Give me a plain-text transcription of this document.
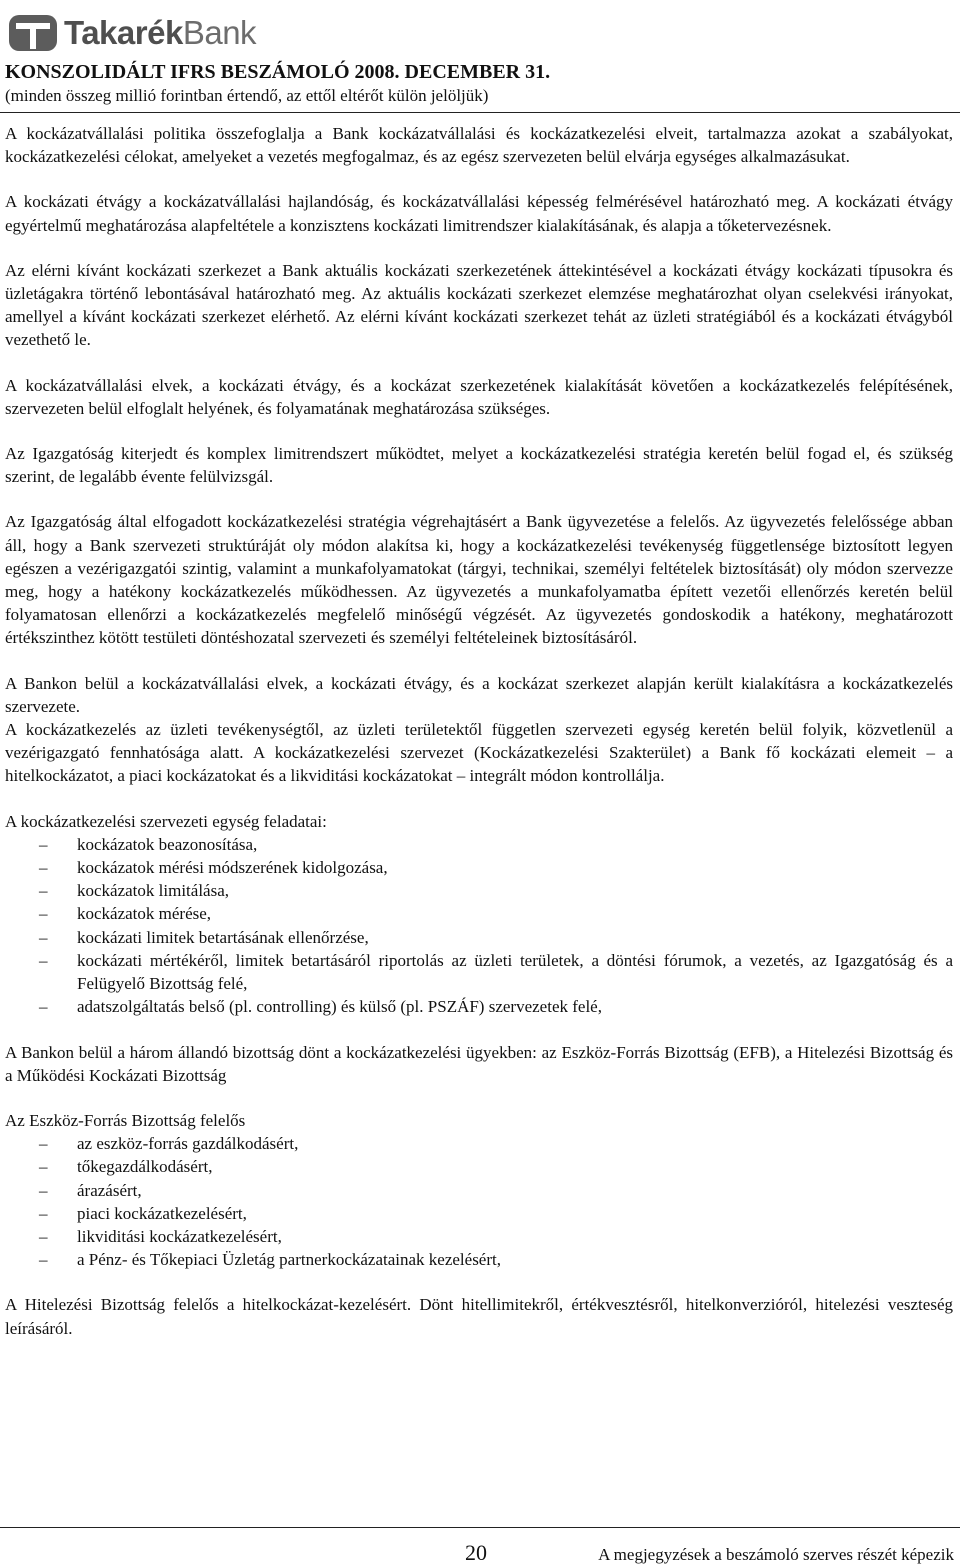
TakarékBank
KONSZOLIDÁLT IFRS BESZÁMOLÓ 2008. DECEMBER 31.
(minden összeg millió forintban értendő, az ettől eltérőt külön jelöljük)

A kockázatvállalási politika összefoglalja a Bank kockázatvállalási és kockázatkezelési elveit, tartalmazza azokat a szabályokat, kockázatkezelési célokat, amelyeket a vezetés megfogalmaz, és az egész szervezeten belül elvárja egységes alkalmazásukat.

A kockázati étvágy a kockázatvállalási hajlandóság, és kockázatvállalási képesség felmérésével határozható meg. A kockázati étvágy egyértelmű meghatározása alapfeltétele a konzisztens kockázati limitrendszer kialakításának, és alapja a tőketervezésnek.

Az elérni kívánt kockázati szerkezet a Bank aktuális kockázati szerkezetének áttekintésével a kockázati étvágy kockázati típusokra és üzletágakra történő lebontásával határozható meg. Az aktuális kockázati szerkezet elemzése meghatározhat olyan cselekvési irányokat, amellyel a kívánt kockázati szerkezet elérhető. Az elérni kívánt kockázati szerkezet tehát az üzleti stratégiából és a kockázati étvágyból vezethető le.

A kockázatvállalási elvek, a kockázati étvágy, és a kockázat szerkezetének kialakítását követően a kockázatkezelés felépítésének, szervezeten belül elfoglalt helyének, és folyamatának meghatározása szükséges.

Az Igazgatóság kiterjedt és komplex limitrendszert működtet, melyet a kockázatkezelési stratégia keretén belül fogad el, és szükség szerint, de legalább évente felülvizsgál.

Az Igazgatóság által elfogadott kockázatkezelési stratégia végrehajtásért a Bank ügyvezetése a felelős. Az ügyvezetés felelőssége abban áll, hogy a Bank szervezeti struktúráját oly módon alakítsa ki, hogy a kockázatkezelési tevékenység függetlensége biztosított legyen egészen a vezérigazgatói szintig, valamint a munkafolyamatokat (tárgyi, technikai, személyi feltételek biztosítását) oly módon szervezze meg, hogy a hatékony kockázatkezelés működhessen. Az ügyvezetés a munkafolyamatba épített vezetői ellenőrzés keretén belül folyamatosan ellenőrzi a kockázatkezelés megfelelő minőségű végzését. Az ügyvezetés gondoskodik a hatékony, meghatározott értékszinthez kötött testületi döntéshozatal szervezeti és személyi feltételeinek biztosításáról.

A Bankon belül a kockázatvállalási elvek, a kockázati étvágy, és a kockázat szerkezet alapján került kialakításra a kockázatkezelés szervezete.

A kockázatkezelés az üzleti tevékenységtől, az üzleti területektől független szervezeti egység keretén belül folyik, közvetlenül a vezérigazgató fennhatósága alatt. A kockázatkezelési szervezet (Kockázatkezelési Szakterület) a Bank fő kockázati elemeit – a hitelkockázatot, a piaci kockázatokat és a likviditási kockázatokat – integrált módon kontrollálja.

A kockázatkezelési szervezeti egység feladatai:

– kockázatok beazonosítása,
– kockázatok mérési módszerének kidolgozása,
– kockázatok limitálása,
– kockázatok mérése,
– kockázati limitek betartásának ellenőrzése,
– kockázati mértékéről, limitek betartásáról riportolás az üzleti területek, a döntési fórumok, a vezetés, az Igazgatóság és a Felügyelő Bizottság felé,
– adatszolgáltatás belső (pl. controlling) és külső (pl. PSZÁF) szervezetek felé,

A Bankon belül a három állandó bizottság dönt a kockázatkezelési ügyekben: az Eszköz-Forrás Bizottság (EFB), a Hitelezési Bizottság és a Működési Kockázati Bizottság

Az Eszköz-Forrás Bizottság felelős

– az eszköz-forrás gazdálkodásért,
– tőkegazdálkodásért,
– árazásért,
– piaci kockázatkezelésért,
– likviditási kockázatkezelésért,
– a Pénz- és Tőkepiaci Üzletág partnerkockázatainak kezelésért,

A Hitelezési Bizottság felelős a hitelkockázat-kezelésért. Dönt hitellimitekről, értékvesztésről, hitelkonverzióról, hitelezési veszteség leírásáról.

20	A megjegyzések a beszámoló szerves részét képezik
